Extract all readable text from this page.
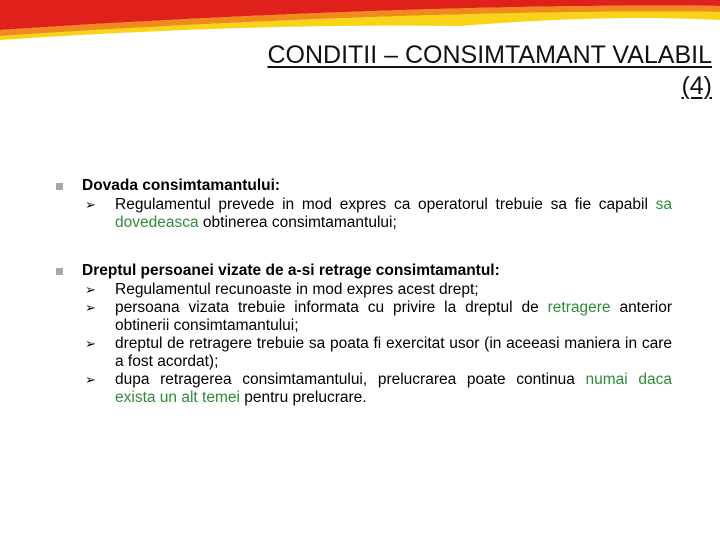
CONDITII – CONSIMTAMANT VALABIL
(4)
Dovada consimtamantului:
➢ Regulamentul prevede in mod expres ca operatorul trebuie sa fie capabil sa dovedeasca obtinerea consimtamantului;
Dreptul persoanei vizate de a-si retrage consimtamantul:
➢ Regulamentul recunoaste in mod expres acest drept;
➢ persoana vizata trebuie informata cu privire la dreptul de retragere anterior obtinerii consimtamantului;
➢ dreptul de retragere trebuie sa poata fi exercitat usor (in aceeasi maniera in care a fost acordat);
➢ dupa retragerea consimtamantului, prelucrarea poate continua numai daca exista un alt temei pentru prelucrare.
